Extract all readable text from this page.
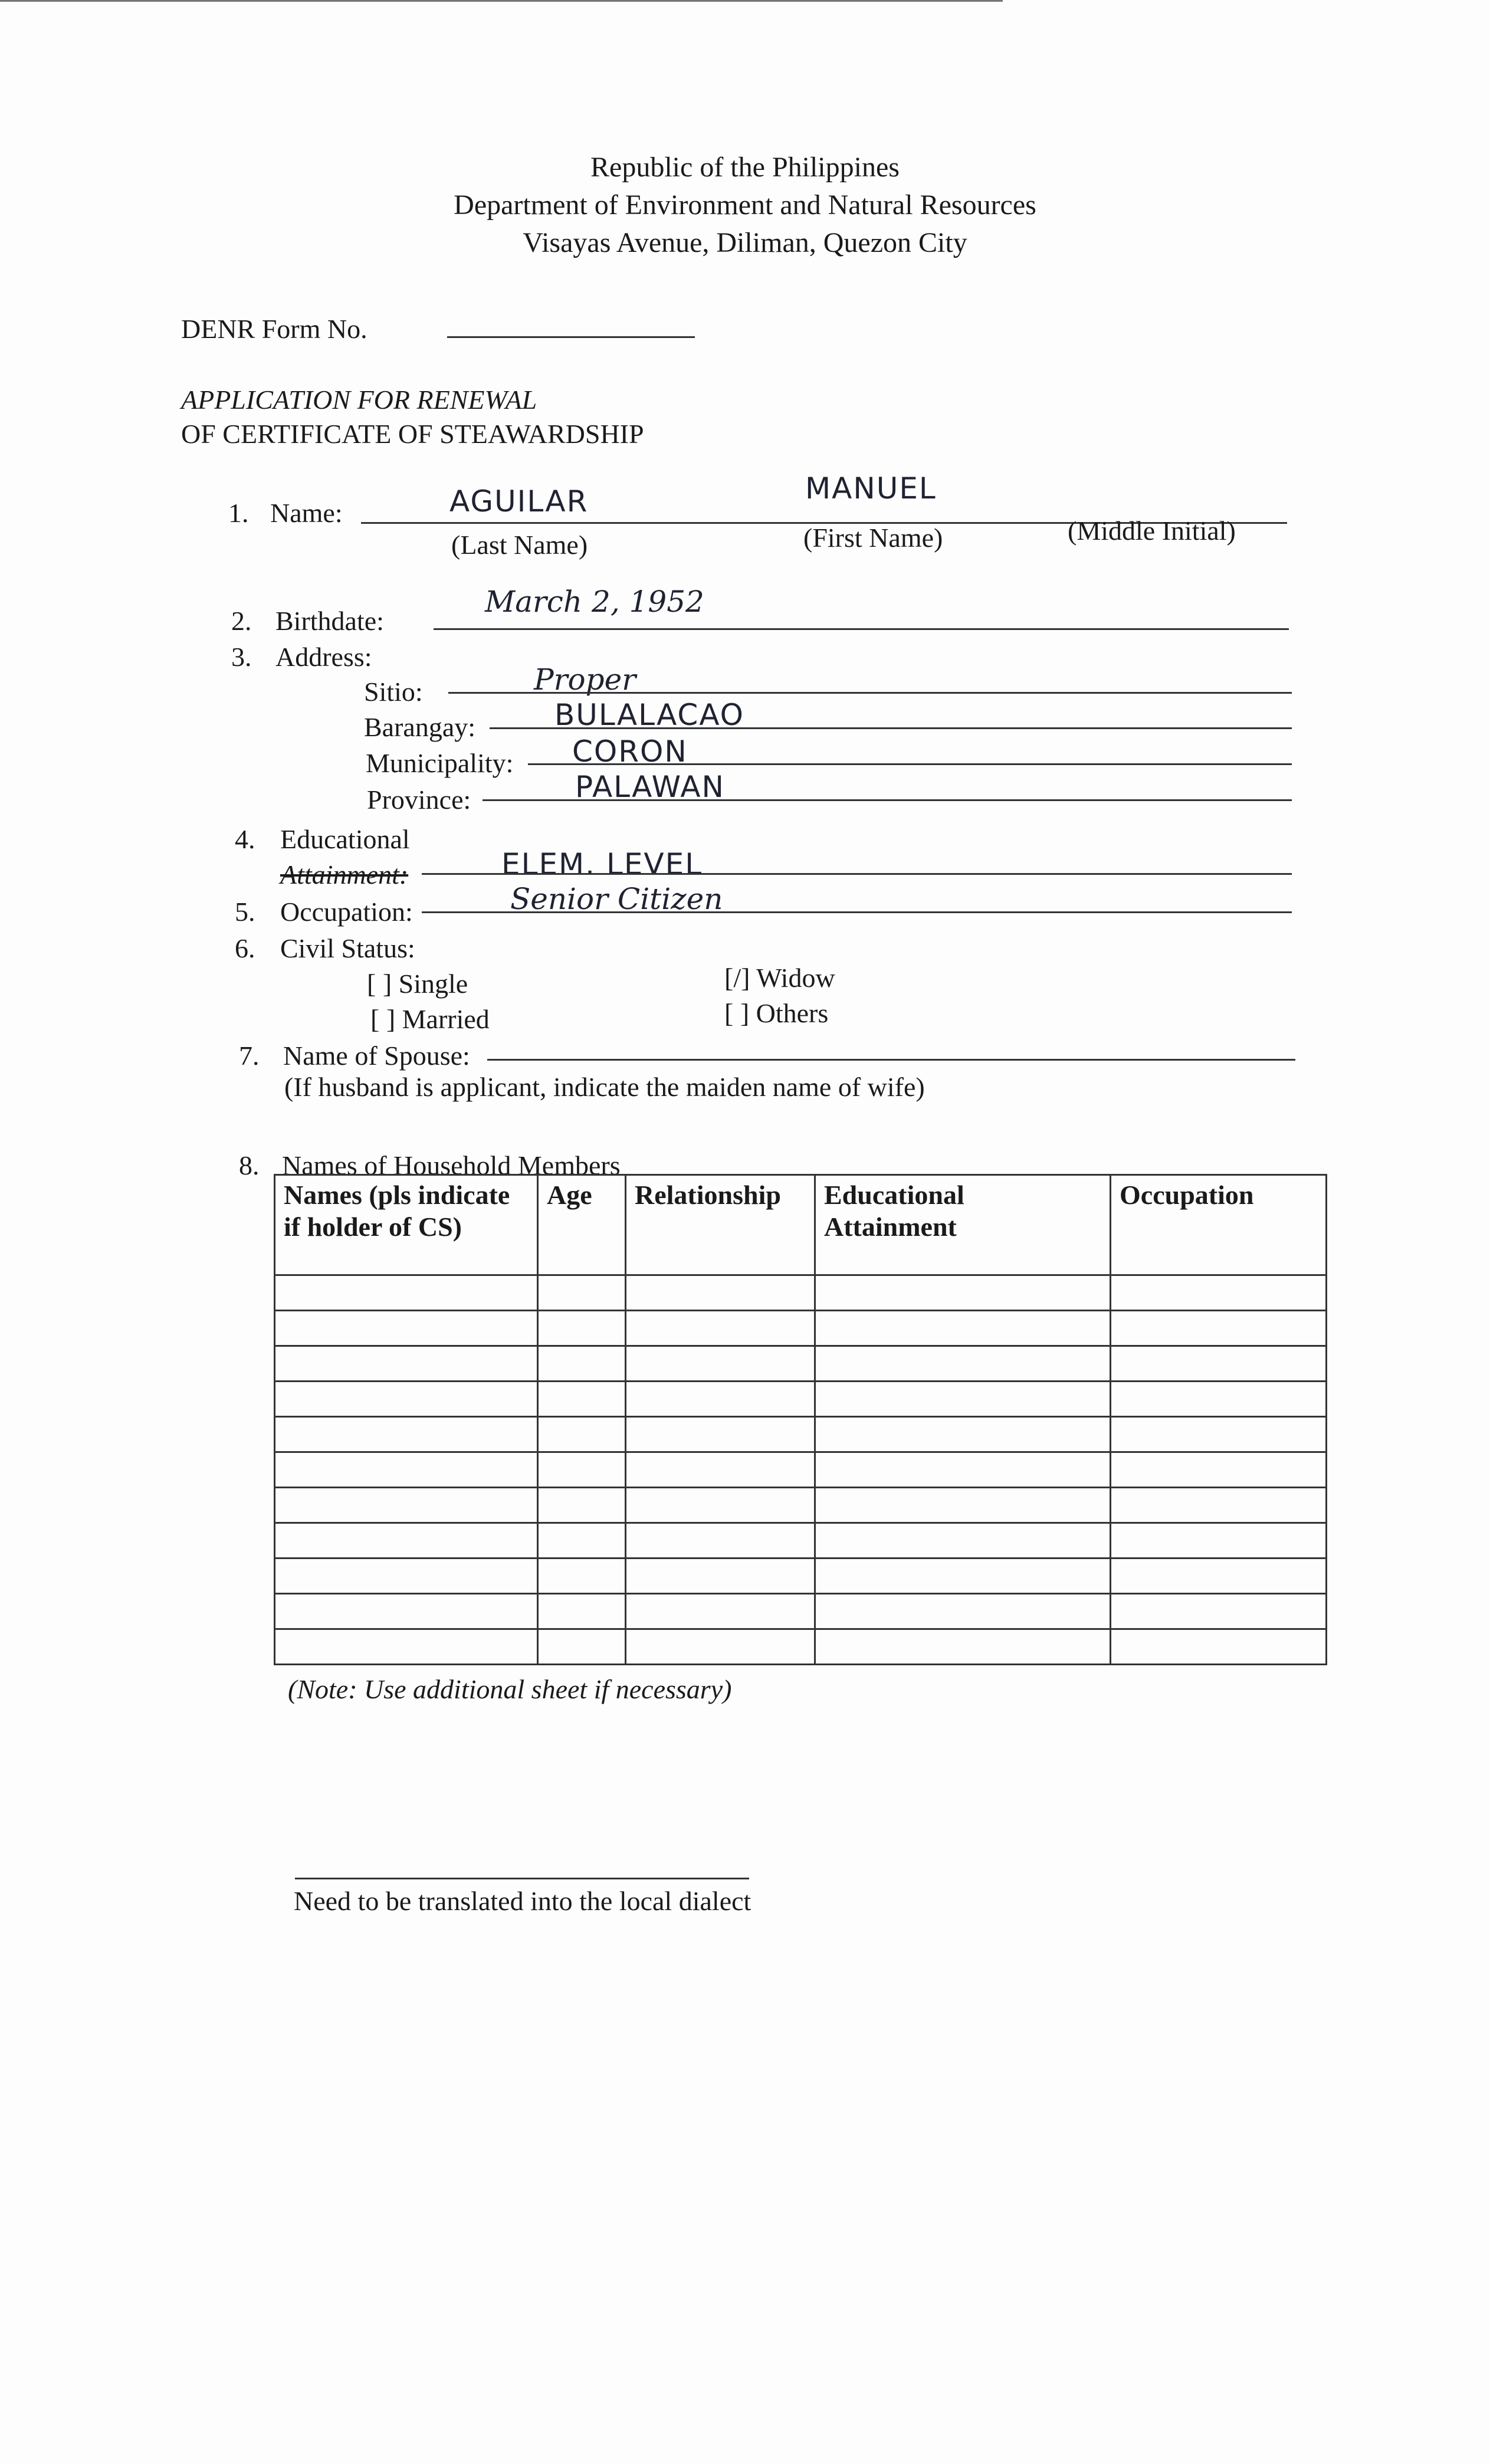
Republic of the Philippines
Department of Environment and Natural Resources
Visayas Avenue, Diliman, Quezon City
DENR Form No.
APPLICATION FOR RENEWAL
OF CERTIFICATE OF STEAWARDSHIP
1. Name:	AGUILAR	MANUEL
(Last Name)	(First Name)	(Middle Initial)
2. Birthdate:
March 2, 1952
3. Address:
Sitio:	Proper
Barangay:	BULALACAO
Municipality: CORON
Province:	PALAWAN
4. Educational
Attainment:	ELEM. LEVEL
5. Occupation:	Senior Citizen
6. Civil Status:
[ ] Single
[ ] Married
[/] Widow
[ ] Others
7. Name of Spouse:
(If husband is applicant, indicate the maiden name of wife)
8. Names of Household Members
Names (pls indicate if holder of CS)	Age	Relationship	Educational Attainment	Occupation

(Note: Use additional sheet if necessary)
Need to be translated into the local dialect
